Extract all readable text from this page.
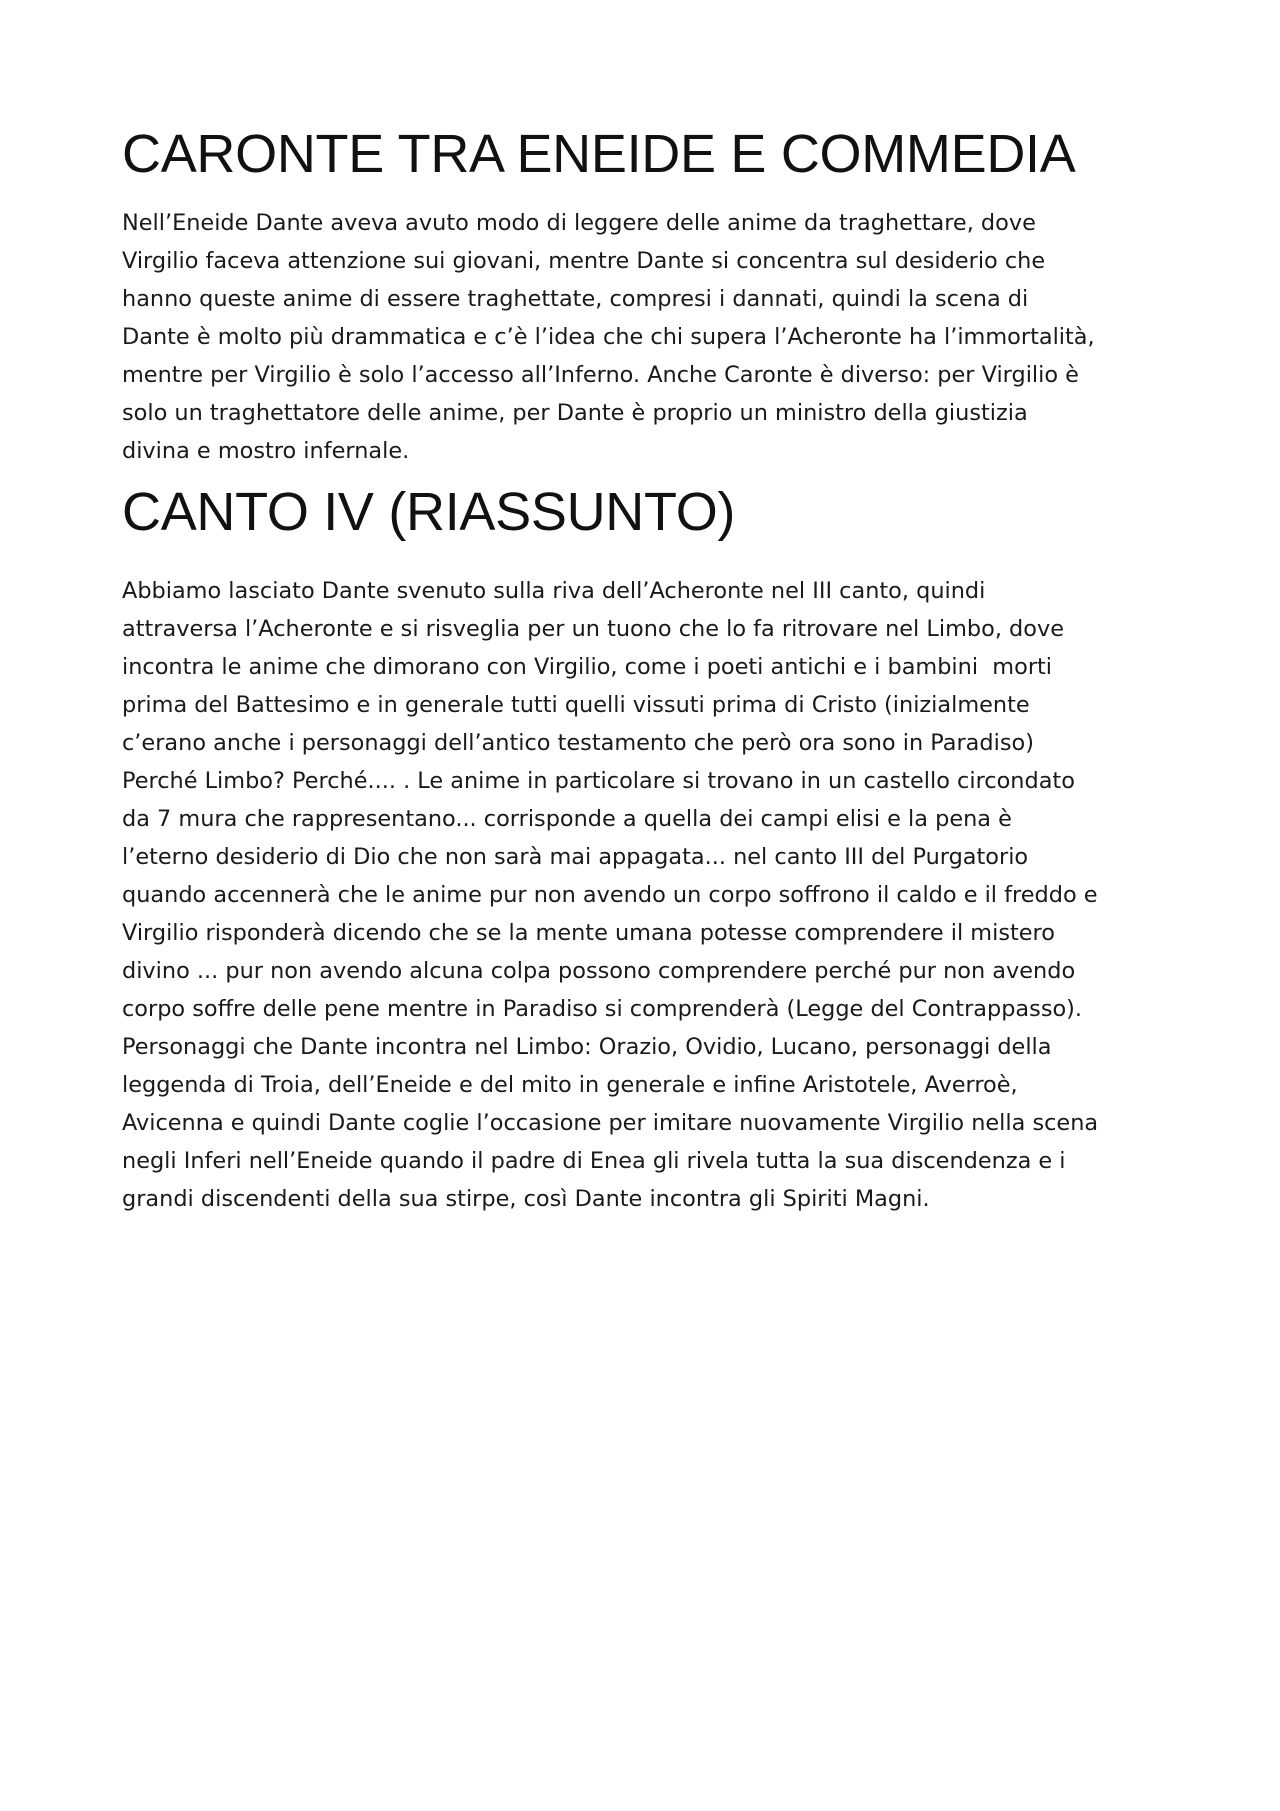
CARONTE TRA ENEIDE E COMMEDIA

Nell’Eneide Dante aveva avuto modo di leggere delle anime da traghettare, dove
Virgilio faceva attenzione sui giovani, mentre Dante si concentra sul desiderio che
hanno queste anime di essere traghettate, compresi i dannati, quindi la scena di
Dante è molto più drammatica e c’è l’idea che chi supera l’Acheronte ha l’immortalità,
mentre per Virgilio è solo l’accesso all’Inferno. Anche Caronte è diverso: per Virgilio è
solo un traghettatore delle anime, per Dante è proprio un ministro della giustizia
divina e mostro infernale.

CANTO IV (RIASSUNTO)

Abbiamo lasciato Dante svenuto sulla riva dell’Acheronte nel III canto, quindi
attraversa l’Acheronte e si risveglia per un tuono che lo fa ritrovare nel Limbo, dove
incontra le anime che dimorano con Virgilio, come i poeti antichi e i bambini  morti
prima del Battesimo e in generale tutti quelli vissuti prima di Cristo (inizialmente
c’erano anche i personaggi dell’antico testamento che però ora sono in Paradiso)
Perché Limbo? Perché.... . Le anime in particolare si trovano in un castello circondato
da 7 mura che rappresentano... corrisponde a quella dei campi elisi e la pena è
l’eterno desiderio di Dio che non sarà mai appagata... nel canto III del Purgatorio
quando accennerà che le anime pur non avendo un corpo soffrono il caldo e il freddo e
Virgilio risponderà dicendo che se la mente umana potesse comprendere il mistero
divino ... pur non avendo alcuna colpa possono comprendere perché pur non avendo
corpo soffre delle pene mentre in Paradiso si comprenderà (Legge del Contrappasso).
Personaggi che Dante incontra nel Limbo: Orazio, Ovidio, Lucano, personaggi della
leggenda di Troia, dell’Eneide e del mito in generale e infine Aristotele, Averroè,
Avicenna e quindi Dante coglie l’occasione per imitare nuovamente Virgilio nella scena
negli Inferi nell’Eneide quando il padre di Enea gli rivela tutta la sua discendenza e i
grandi discendenti della sua stirpe, così Dante incontra gli Spiriti Magni.
